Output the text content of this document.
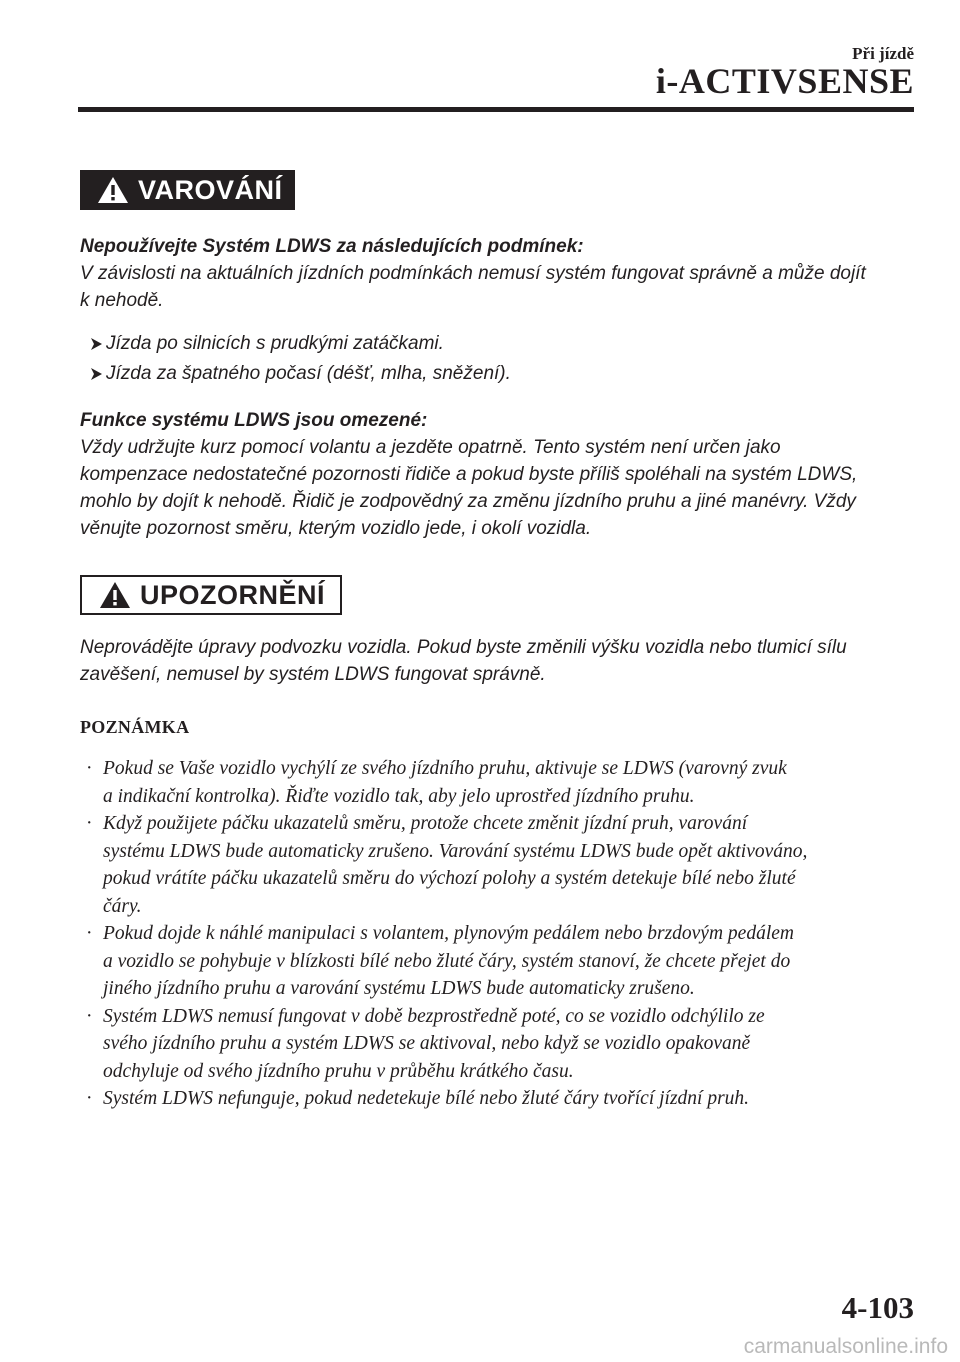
Při jízdě
i-ACTIVSENSE
VAROVÁNÍ

Nepoužívejte Systém LDWS za následujících podmínek:

V závislosti na aktuálních jízdních podmínkách nemusí systém fungovat správně a může dojít

k nehodě.

Jízda po silnicích s prudkými zatáčkami.
Jízda za špatného počasí (déšť, mlha, sněžení).

Funkce systému LDWS jsou omezené:

Vždy udržujte kurz pomocí volantu a jezděte opatrně. Tento systém není určen jako

kompenzace nedostatečné pozornosti řidiče a pokud byste příliš spoléhali na systém LDWS,

mohlo by dojít k nehodě. Řidič je zodpovědný za změnu jízdního pruhu a jiné manévry. Vždy

věnujte pozornost směru, kterým vozidlo jede, i okolí vozidla.

UPOZORNĚNÍ

Neprovádějte úpravy podvozku vozidla. Pokud byste změnili výšku vozidla nebo tlumicí sílu

zavěšení, nemusel by systém LDWS fungovat správně.

POZNÁMKA
· Pokud se Vaše vozidlo vychýlí ze svého jízdního pruhu, aktivuje se LDWS (varovný zvuk
a indikační kontrolka). Řiďte vozidlo tak, aby jelo uprostřed jízdního pruhu.
· Když použijete páčku ukazatelů směru, protože chcete změnit jízdní pruh, varování
systému LDWS bude automaticky zrušeno. Varování systému LDWS bude opět aktivováno,
pokud vrátíte páčku ukazatelů směru do výchozí polohy a systém detekuje bílé nebo žluté
čáry.
· Pokud dojde k náhlé manipulaci s volantem, plynovým pedálem nebo brzdovým pedálem
a vozidlo se pohybuje v blízkosti bílé nebo žluté čáry, systém stanoví, že chcete přejet do
jiného jízdního pruhu a varování systému LDWS bude automaticky zrušeno.
· Systém LDWS nemusí fungovat v době bezprostředně poté, co se vozidlo odchýlilo ze
svého jízdního pruhu a systém LDWS se aktivoval, nebo když se vozidlo opakovaně
odchyluje od svého jízdního pruhu v průběhu krátkého času.
· Systém LDWS nefunguje, pokud nedetekuje bílé nebo žluté čáry tvořící jízdní pruh.
4-103
carmanualsonline.info
